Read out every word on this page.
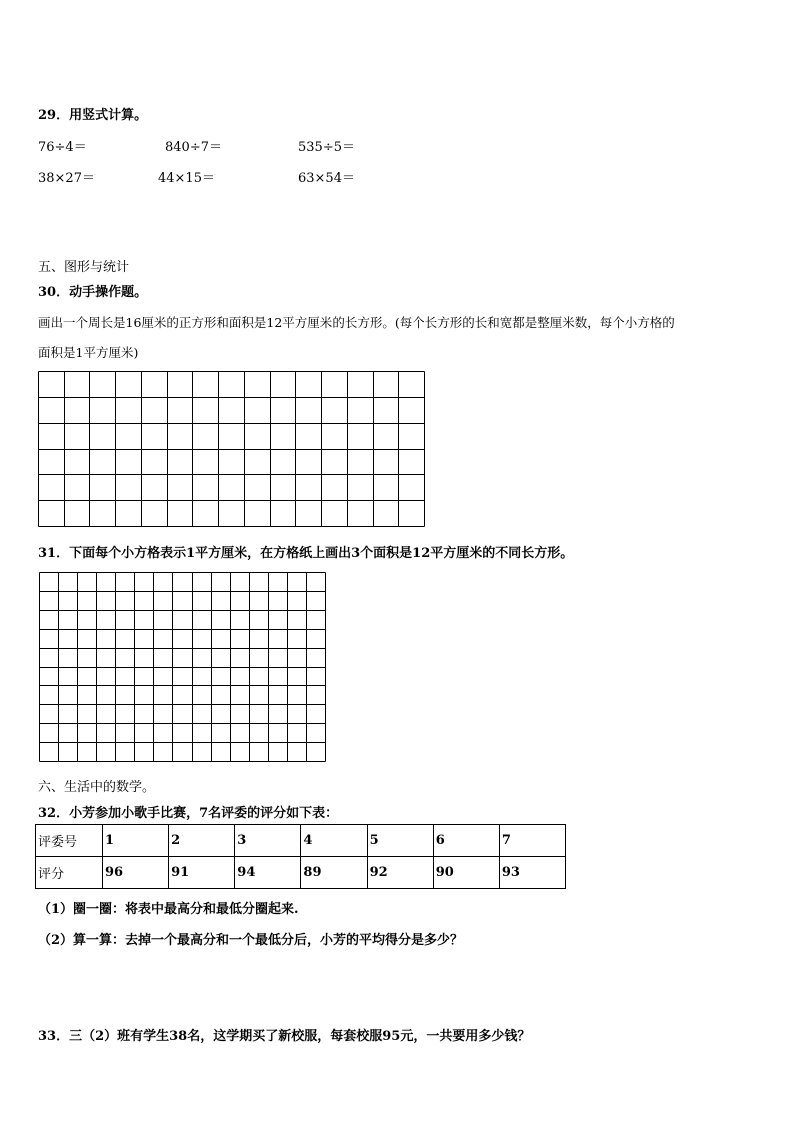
29．用竖式计算。
76÷4＝	840÷7＝	535÷5＝
38×27＝	44×15＝	63×54＝
五、图形与统计
30．动手操作题。
画出一个周长是16厘米的正方形和面积是12平方厘米的长方形。(每个长方形的长和宽都是整厘米数，每个小方格的
面积是1平方厘米)
31．下面每个小方格表示1平方厘米，在方格纸上画出3个面积是12平方厘米的不同长方形。
六、生活中的数学。
32．小芳参加小歌手比赛，7名评委的评分如下表：
评委号	1	2	3	4	5	6	7
评分	96	91	94	89	92	90	93
（1）圈一圈：将表中最高分和最低分圈起来.
（2）算一算：去掉一个最高分和一个最低分后，小芳的平均得分是多少？
33．三（2）班有学生38名，这学期买了新校服，每套校服95元，一共要用多少钱？
